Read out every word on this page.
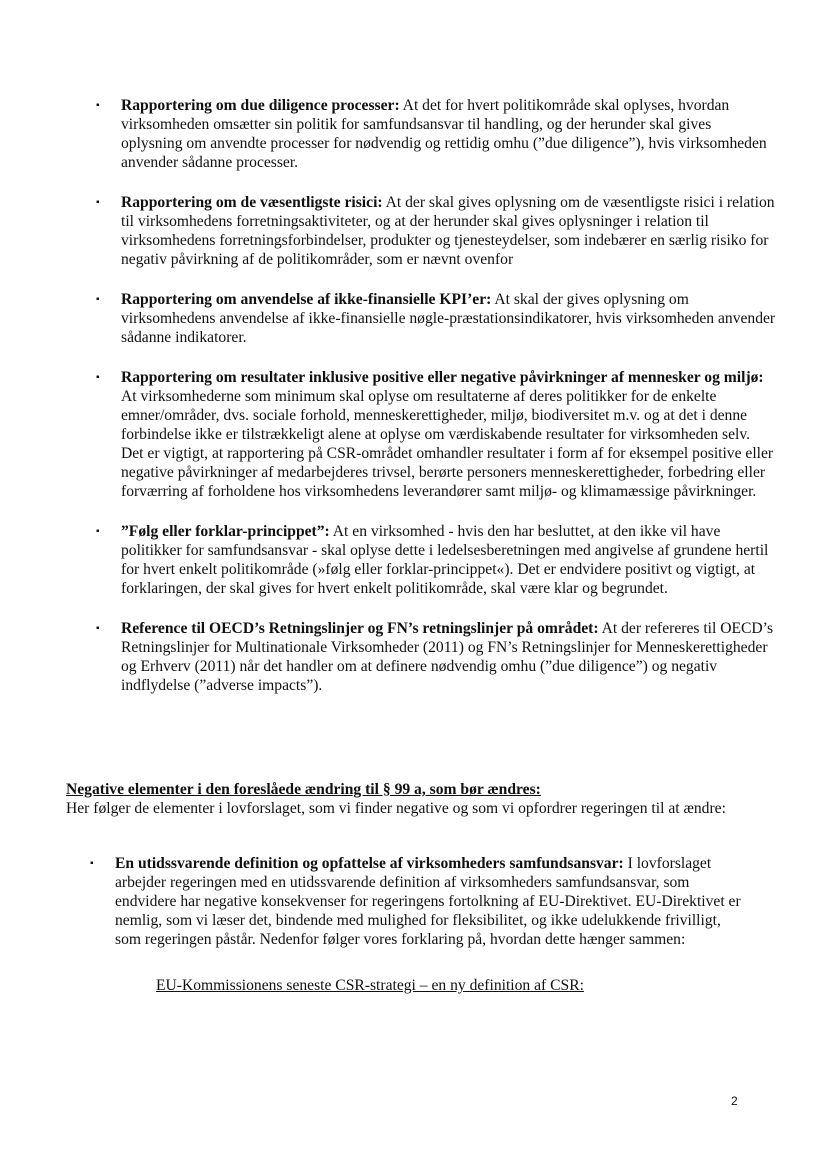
▪ Rapportering om due diligence processer: At det for hvert politikområde skal oplyses, hvordan virksomheden omsætter sin politik for samfundsansvar til handling, og der herunder skal gives oplysning om anvendte processer for nødvendig og rettidig omhu (”due diligence”), hvis virksomheden anvender sådanne processer.
▪ Rapportering om de væsentligste risici: At der skal gives oplysning om de væsentligste risici i relation til virksomhedens forretningsaktiviteter, og at der herunder skal gives oplysninger i relation til virksomhedens forretningsforbindelser, produkter og tjenesteydelser, som indebærer en særlig risiko for negativ påvirkning af de politikområder, som er nævnt ovenfor
▪ Rapportering om anvendelse af ikke-finansielle KPI’er: At skal der gives oplysning om virksomhedens anvendelse af ikke-finansielle nøgle-præstationsindikatorer, hvis virksomheden anvender sådanne indikatorer.
▪ Rapportering om resultater inklusive positive eller negative påvirkninger af mennesker og miljø: At virksomhederne som minimum skal oplyse om resultaterne af deres politikker for de enkelte emner/områder, dvs. sociale forhold, menneskerettigheder, miljø, biodiversitet m.v. og at det i denne forbindelse ikke er tilstrækkeligt alene at oplyse om værdiskabende resultater for virksomheden selv. Det er vigtigt, at rapportering på CSR-området omhandler resultater i form af for eksempel positive eller negative påvirkninger af medarbejderes trivsel, berørte personers menneskerettigheder, forbedring eller forværring af forholdene hos virksomhedens leverandører samt miljø- og klimamæssige påvirkninger.
▪ ”Følg eller forklar-princippet”: At en virksomhed - hvis den har besluttet, at den ikke vil have politikker for samfundsansvar - skal oplyse dette i ledelsesberetningen med angivelse af grundene hertil for hvert enkelt politikområde (»følg eller forklar-princippet«). Det er endvidere positivt og vigtigt, at forklaringen, der skal gives for hvert enkelt politikområde, skal være klar og begrundet.
▪ Reference til OECD’s Retningslinjer og FN’s retningslinjer på området: At der refereres til OECD’s Retningslinjer for Multinationale Virksomheder (2011) og FN’s Retningslinjer for Menneskerettigheder og Erhverv (2011) når det handler om at definere nødvendig omhu (”due diligence”) og negativ indflydelse (”adverse impacts”).
Negative elementer i den foreslåede ændring til § 99 a, som bør ændres:
Her følger de elementer i lovforslaget, som vi finder negative og som vi opfordrer regeringen til at ændre:
▪ En utidssvarende definition og opfattelse af virksomheders samfundsansvar: I lovforslaget arbejder regeringen med en utidssvarende definition af virksomheders samfundsansvar, som endvidere har negative konsekvenser for regeringens fortolkning af EU-Direktivet. EU-Direktivet er nemlig, som vi læser det, bindende med mulighed for fleksibilitet, og ikke udelukkende frivilligt, som regeringen påstår. Nedenfor følger vores forklaring på, hvordan dette hænger sammen:
EU-Kommissionens seneste CSR-strategi – en ny definition af CSR:
2
